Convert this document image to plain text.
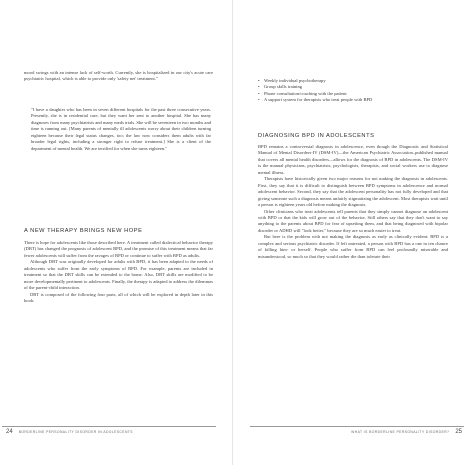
mood swings with an intense lack of self-worth. Currently, she is hospitalized in our city's acute care psychiatric hospital, which is able to provide only 'safety net' treatment."

"I have a daughter who has been in seven different hospitals for the past three consecutive years. Presently, she is in residential care, but they want her sent to another hospital. She has many diagnoses from many psychiatrists and many meds trials. She will be seventeen in two months and time is running out. [Many parents of mentally ill adolescents worry about their children turning eighteen because their legal status changes, too; the law now considers them adults with far broader legal rights, including a stronger right to refuse treatment.] She is a client of the department of mental health. We are terrified for when she turns eighteen."

A NEW THERAPY BRINGS NEW HOPE

There is hope for adolescents like those described here. A treatment called dialectical behavior therapy (DBT) has changed the prognosis of adolescent BPD, and the promise of this treatment means that far fewer adolescents will suffer from the ravages of BPD or continue to suffer with BPD as adults.

Although DBT was originally developed for adults with BPD, it has been adapted to the needs of adolescents who suffer from the early symptoms of BPD. For example, parents are included in treatment so that the DBT skills can be extended to the home. Also, DBT skills are modified to be more developmentally pertinent to adolescents. Finally, the therapy is adapted to address the dilemmas of the parent-child interaction.

DBT is composed of the following four parts, all of which will be explored in depth later in this book:

24 BORDERLINE PERSONALITY DISORDER IN ADOLESCENTS
• Weekly individual psychotherapy
• Group skills training
• Phone consultation/coaching with the patient
• A support system for therapists who treat people with BPD
DIAGNOSING BPD IN ADOLESCENTS

BPD remains a controversial diagnosis in adolescence, even though the Diagnostic and Statistical Manual of Mental Disorders-IV (DSM-IV)—the American Psychiatric Association–published manual that covers all mental health disorders—allows for the diagnosis of BPD in adolescents. The DSM-IV is the manual physicians, psychiatrists, psychologists, therapists, and social workers use to diagnose mental illness.

Therapists have historically given two major reasons for not making the diagnosis in adolescents. First, they say that it is difficult to distinguish between BPD symptoms in adolescence and normal adolescent behavior. Second, they say that the adolescent personality has not fully developed and that giving someone such a diagnosis means unfairly stigmatizing the adolescent. Most therapists wait until a person is eighteen years old before making the diagnosis.

Other clinicians who treat adolescents tell parents that they simply cannot diagnose an adolescent with BPD or that the kids will grow out of the behavior. Still others say that they don't want to say anything to the parents about BPD for fear of upsetting them, and that being diagnosed with bipolar disorder or ADHD will "look better," because they are so much easier to treat.

But here is the problem with not making the diagnosis as early as clinically evident: BPD is a complex and serious psychiatric disorder. If left untreated, a person with BPD has a one in ten chance of killing him- or herself. People who suffer from BPD can feel profoundly miserable and misunderstood, so much so that they would rather die than tolerate their

WHAT IS BORDERLINE PERSONALITY DISORDER? 25
